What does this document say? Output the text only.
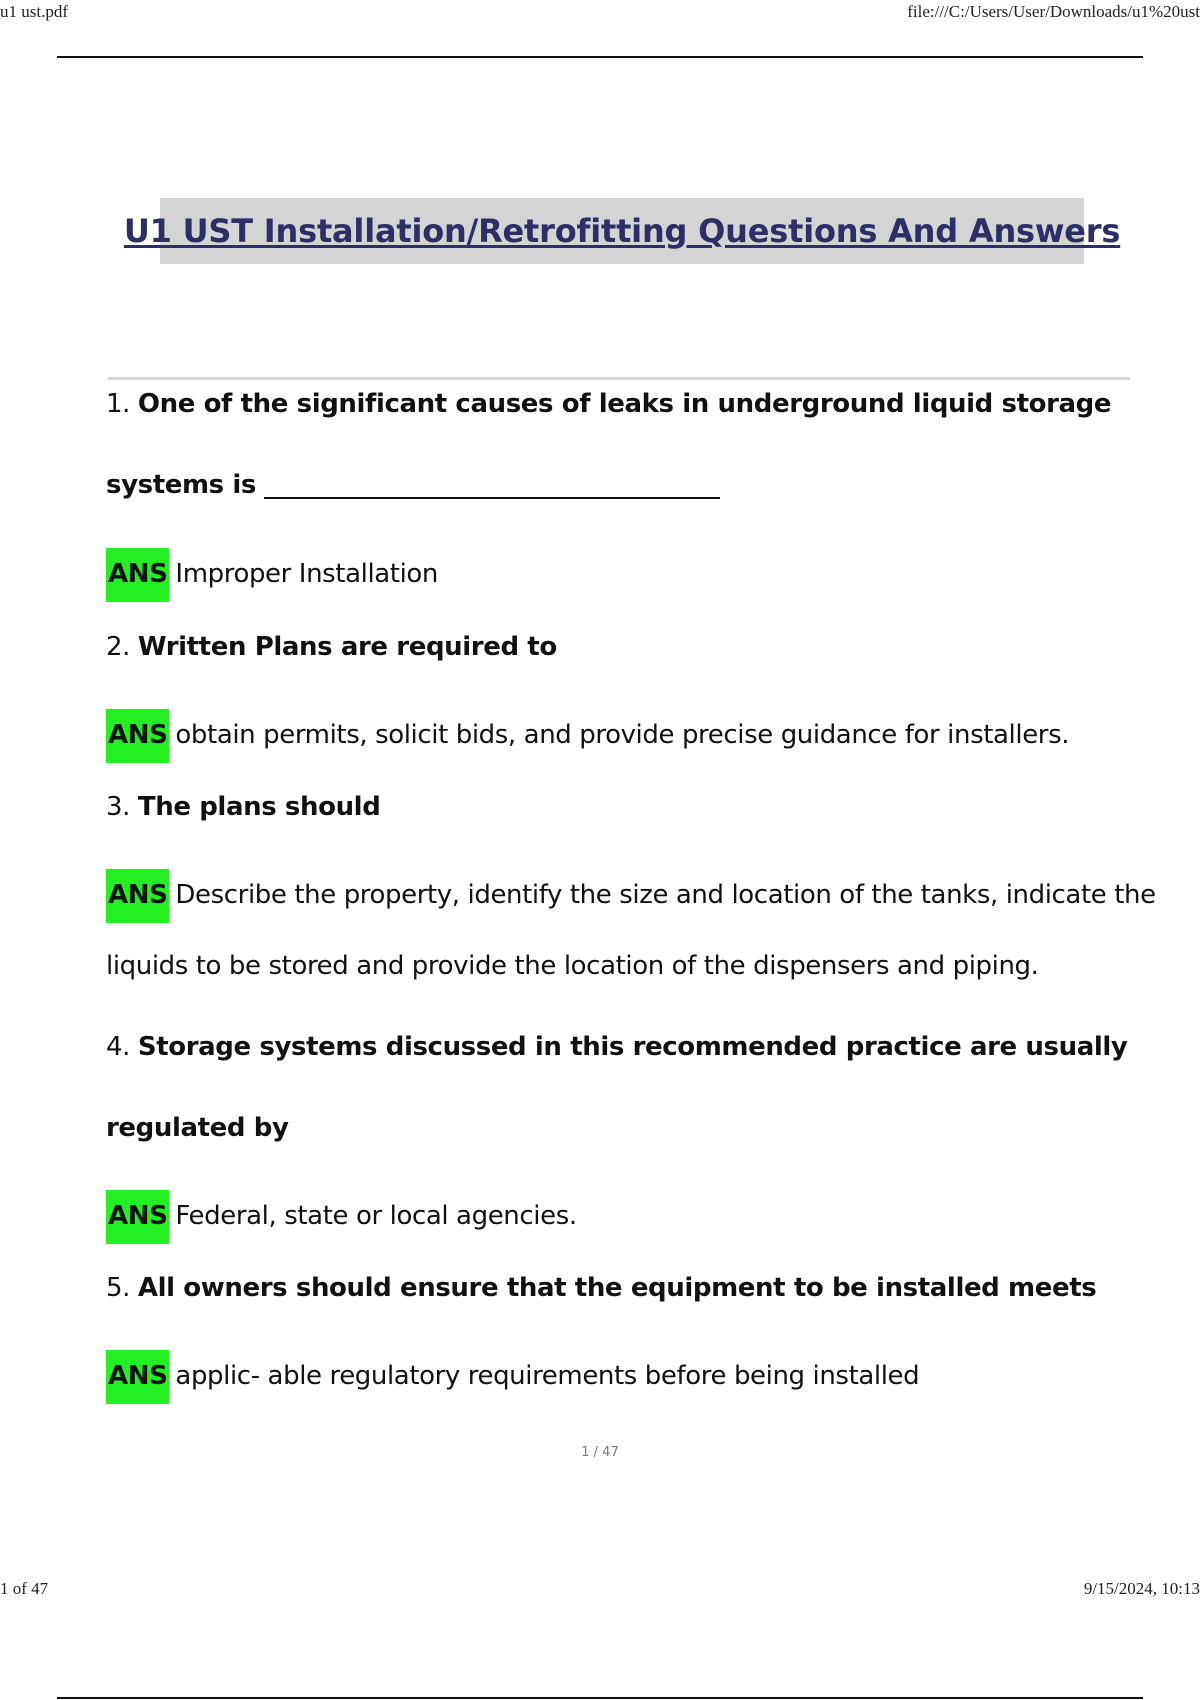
u1 ust.pdf	file:///C:/Users/User/Downloads/u1%20ust
U1 UST Installation/Retrofitting Questions And Answers
1. One of the significant causes of leaks in underground liquid storage
systems is
ANS Improper Installation
2. Written Plans are required to
ANS obtain permits, solicit bids, and provide precise guidance for installers.
3. The plans should
ANS Describe the property, identify the size and location of the tanks, indicate the
liquids to be stored and provide the location of the dispensers and piping.
4. Storage systems discussed in this recommended practice are usually
regulated by
ANS Federal, state or local agencies.
5. All owners should ensure that the equipment to be installed meets
ANS applic- able regulatory requirements before being installed
1 / 47
1 of 47	9/15/2024, 10:13
